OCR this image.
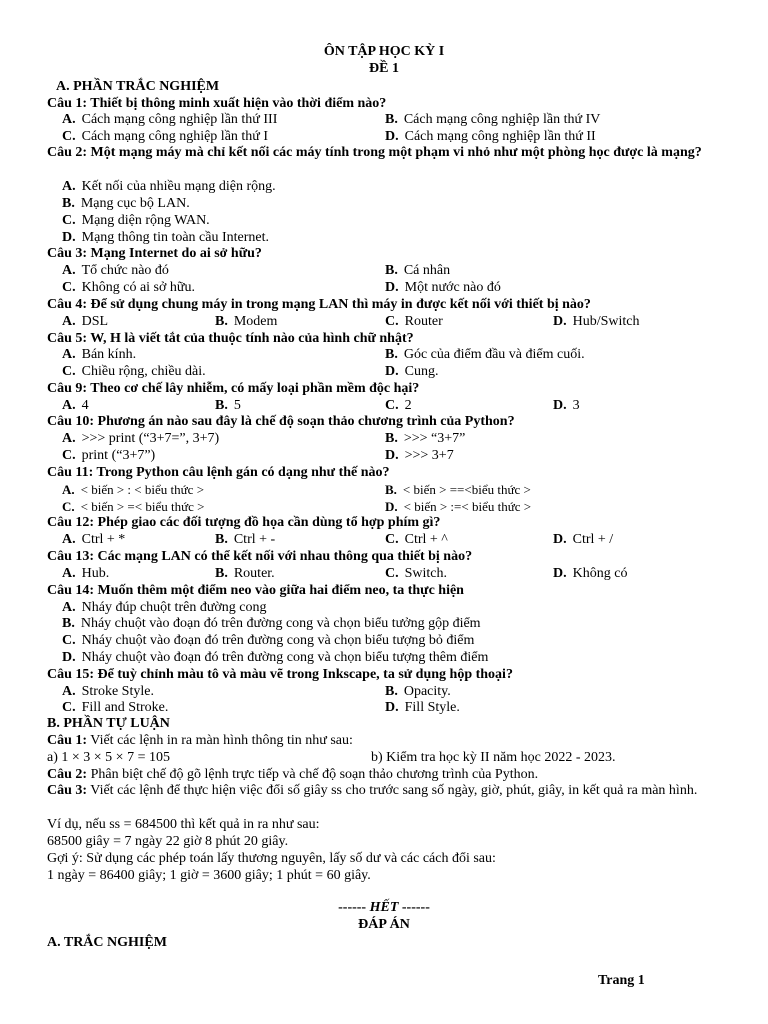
ÔN TẬP HỌC KỲ I
ĐỀ 1
A. PHẦN TRẮC NGHIỆM
Câu 1: Thiết bị thông minh xuất hiện vào thời điểm nào?
A. Cách mạng công nghiệp lần thứ III	B. Cách mạng công nghiệp lần thứ IV
C. Cách mạng công nghiệp lần thứ I	D. Cách mạng công nghiệp lần thứ II
Câu 2: Một mạng máy mà chỉ kết nối các máy tính trong một phạm vi nhỏ như một phòng học được là mạng?
A. Kết nối của nhiều mạng diện rộng.
B. Mạng cục bộ LAN.
C. Mạng diện rộng WAN.
D. Mạng thông tin toàn cầu Internet.
Câu 3: Mạng Internet do ai sở hữu?
A. Tổ chức nào đó	B. Cá nhân
C. Không có ai sở hữu.	D. Một nước nào đó
Câu 4: Để sử dụng chung máy in trong mạng LAN thì máy in được kết nối với thiết bị nào?
A. DSL	B. Modem	C. Router	D. Hub/Switch
Câu 5: W, H là viết tắt của thuộc tính nào của hình chữ nhật?
A. Bán kính.	B. Góc của điểm đầu và điểm cuối.
C. Chiều rộng, chiều dài.	D. Cung.
Câu 9: Theo cơ chế lây nhiễm, có mấy loại phần mềm độc hại?
A. 4	B. 5	C. 2	D. 3
Câu 10: Phương án nào sau đây là chế độ soạn thảo chương trình của Python?
A. >>> print (“3+7=”, 3+7)	B. >>> “3+7”
C. print (“3+7”)	D. >>> 3+7
Câu 11: Trong Python câu lệnh gán có dạng như thế nào?
A. < biến > : < biểu thức >	B. < biến > ==<biểu thức >
C. < biến > =< biểu thức >	D. < biến > :=< biểu thức >
Câu 12: Phép giao các đối tượng đồ họa cần dùng tổ hợp phím gì?
A. Ctrl + *	B. Ctrl + -	C. Ctrl + ^	D. Ctrl + /
Câu 13: Các mạng LAN có thể kết nối với nhau thông qua thiết bị nào?
A. Hub.	B. Router.	C. Switch.	D. Không có
Câu 14: Muốn thêm một điểm neo vào giữa hai điểm neo, ta thực hiện
A. Nháy đúp chuột trên đường cong
B. Nháy chuột vào đoạn đó trên đường cong và chọn biểu tưởng gộp điểm
C. Nháy chuột vào đoạn đó trên đường cong và chọn biểu tượng bỏ điểm
D. Nháy chuột vào đoạn đó trên đường cong và chọn biểu tượng thêm điểm
Câu 15: Để tuỳ chỉnh màu tô và màu vẽ trong Inkscape, ta sử dụng hộp thoại?
A. Stroke Style.	B. Opacity.
C. Fill and Stroke.	D. Fill Style.
B. PHẦN TỰ LUẬN
Câu 1: Viết các lệnh in ra màn hình thông tin như sau:
a) 1 × 3 × 5 × 7 = 105	b) Kiểm tra học kỳ II năm học 2022 - 2023.
Câu 2: Phân biệt chế độ gõ lệnh trực tiếp và chế độ soạn thảo chương trình của Python.
Câu 3: Viết các lệnh để thực hiện việc đổi số giây ss cho trước sang số ngày, giờ, phút, giây, in kết quả ra màn hình.
Ví dụ, nếu ss = 684500 thì kết quả in ra như sau:
68500 giây = 7 ngày 22 giờ 8 phút 20 giây.
Gợi ý: Sử dụng các phép toán lấy thương nguyên, lấy số dư và các cách đổi sau:
1 ngày = 86400 giây; 1 giờ = 3600 giây; 1 phút = 60 giây.
------ HẾT ------
ĐÁP ÁN
A. TRẮC NGHIỆM
Trang 1
